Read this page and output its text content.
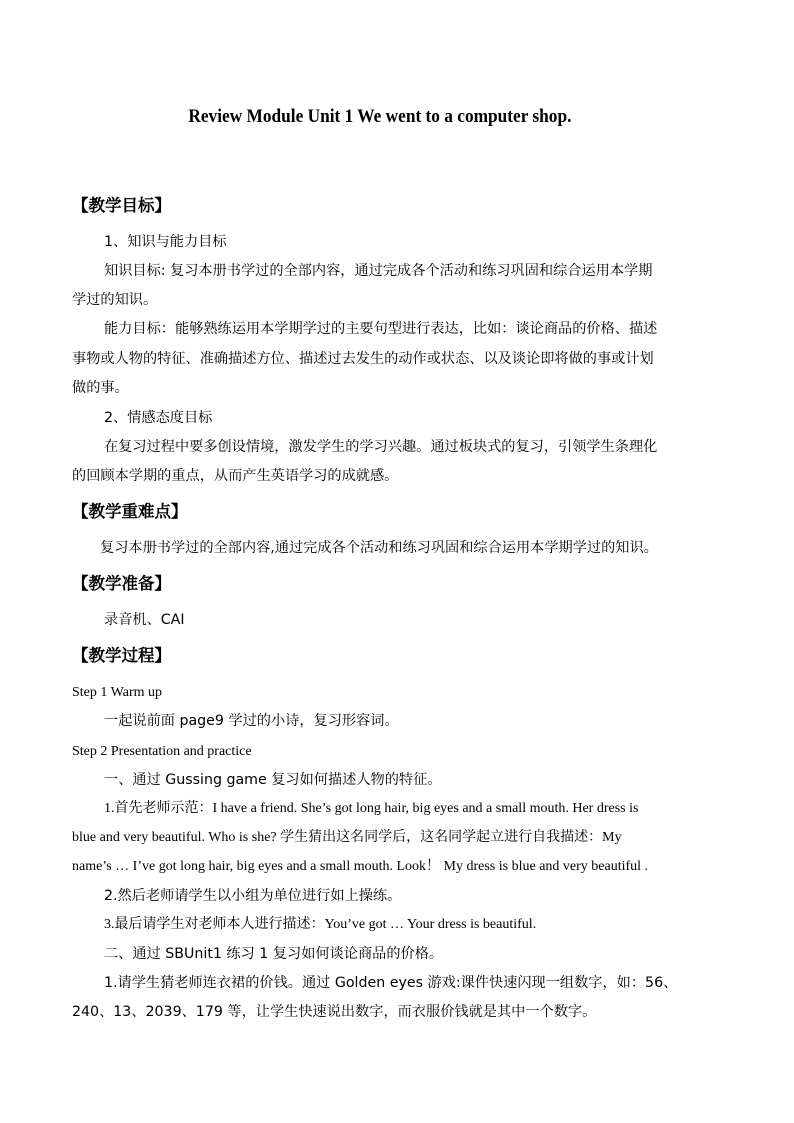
Review Module Unit 1 We went to a computer shop.
【教学目标】
1、知识与能力目标
知识目标: 复习本册书学过的全部内容，通过完成各个活动和练习巩固和综合运用本学期
学过的知识。
能力目标：能够熟练运用本学期学过的主要句型进行表达，比如：谈论商品的价格、描述
事物或人物的特征、准确描述方位、描述过去发生的动作或状态、以及谈论即将做的事或计划
做的事。
2、情感态度目标
在复习过程中要多创设情境，激发学生的学习兴趣。通过板块式的复习，引领学生条理化
的回顾本学期的重点，从而产生英语学习的成就感。
【教学重难点】
复习本册书学过的全部内容,通过完成各个活动和练习巩固和综合运用本学期学过的知识。
【教学准备】
录音机、CAI
【教学过程】
Step 1 Warm up
一起说前面 page9 学过的小诗，复习形容词。
Step 2 Presentation and practice
一、通过 Gussing game 复习如何描述人物的特征。
1.首先老师示范：I have a friend. She’s got long hair, big eyes and a small mouth. Her dress is
blue and very beautiful. Who is she? 学生猜出这名同学后，这名同学起立进行自我描述：My
name’s … I’ve got long hair, big eyes and a small mouth. Look！ My dress is blue and very beautiful .
2.然后老师请学生以小组为单位进行如上操练。
3.最后请学生对老师本人进行描述：You’ve got … Your dress is beautiful.
二、通过 SBUnit1 练习 1 复习如何谈论商品的价格。
1.请学生猜老师连衣裙的价钱。通过 Golden eyes 游戏:课件快速闪现一组数字，如：56、
240、13、2039、179 等，让学生快速说出数字，而衣服价钱就是其中一个数字。
